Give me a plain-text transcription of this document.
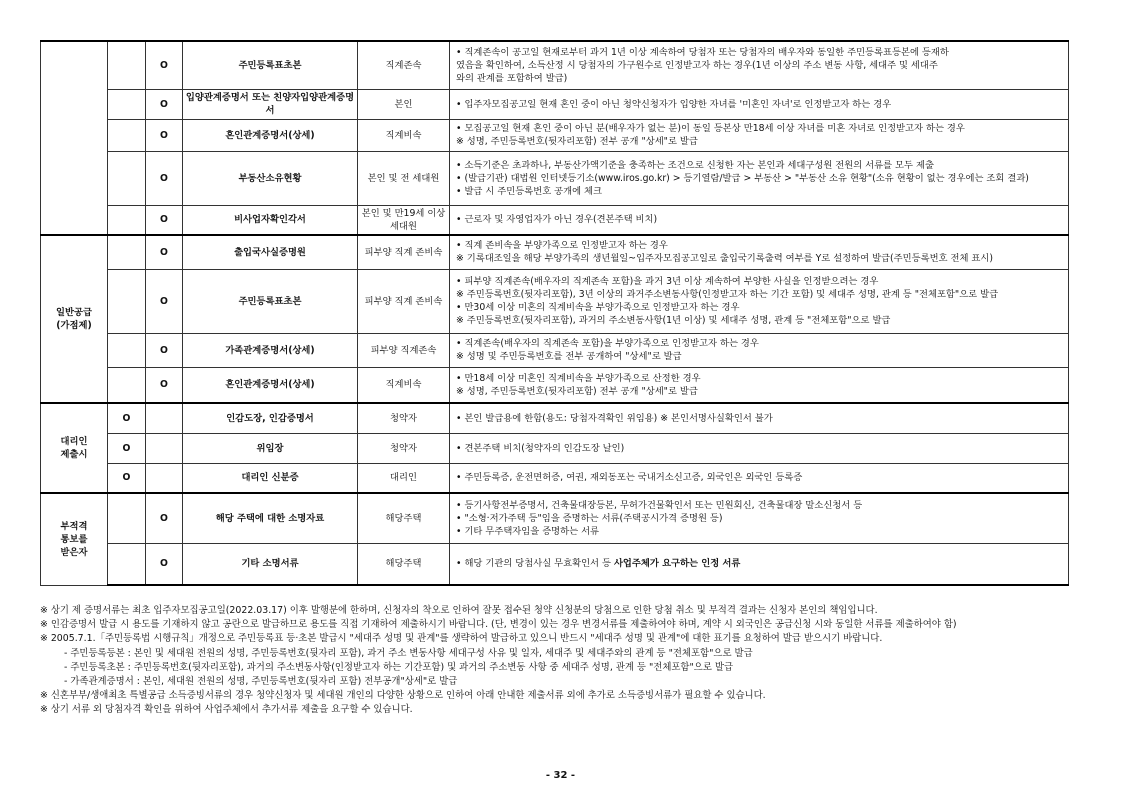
		O	주민등록표초본	직계존속	• 직계존속이 공고일 현재로부터 과거 1년 이상 계속하여 당첨자 또는 당첨자의 배우자와 동일한 주민등록표등본에 등재하
였음을 확인하여, 소득산정 시 당첨자의 가구원수로 인정받고자 하는 경우(1년 이상의 주소 변동 사항, 세대주 및 세대주
와의 관계를 포함하여 발급)

		O	입양관계증명서 또는 친양자입양관계증명서	본인	• 입주자모집공고일 현재 혼인 중이 아닌 청약신청자가 입양한 자녀를 '미혼인 자녀'로 인정받고자 하는 경우

		O	혼인관계증명서(상세)	직계비속	• 모집공고일 현재 혼인 중이 아닌 분(배우자가 없는 분)이 동일 등본상 만18세 이상 자녀를 미혼 자녀로 인정받고자 하는 경우
※ 성명, 주민등록번호(뒷자리포함) 전부 공개 "상세"로 발급

		O	부동산소유현황	본인 및 전 세대원	• 소득기준은 초과하나, 부동산가액기준을 충족하는 조건으로 신청한 자는 본인과 세대구성원 전원의 서류를 모두 제출
• (발급기관) 대법원 인터넷등기소(www.iros.go.kr) > 등기열람/발급 > 부동산 > "부동산 소유 현황"(소유 현황이 없는 경우에는 조회 결과)
• 발급 시 주민등록번호 공개에 체크

		O	비사업자확인각서	본인 및 만19세 이상 세대원	• 근로자 및 자영업자가 아닌 경우(견본주택 비치)

일반공급
(가점제)		O	출입국사실증명원	피부양 직계 존비속	• 직계 존비속을 부양가족으로 인정받고자 하는 경우
※ 기록대조일을 해당 부양가족의 생년월일~입주자모집공고일로 출입국기록출력 여부를 Y로 설정하여 발급(주민등록번호 전체 표시)

		O	주민등록표초본	피부양 직계 존비속	• 피부양 직계존속(배우자의 직계존속 포함)을 과거 3년 이상 계속하여 부양한 사실을 인정받으려는 경우
※ 주민등록번호(뒷자리포함), 3년 이상의 과거주소변동사항(인정받고자 하는 기간 포함) 및 세대주 성명, 관계 등 "전체포함"으로 발급
• 만30세 이상 미혼의 직계비속을 부양가족으로 인정받고자 하는 경우
※ 주민등록번호(뒷자리포함), 과거의 주소변동사항(1년 이상) 및 세대주 성명, 관계 등 "전체포함"으로 발급

		O	가족관계증명서(상세)	피부양 직계존속	• 직계존속(배우자의 직계존속 포함)을 부양가족으로 인정받고자 하는 경우
※ 성명 및 주민등록번호를 전부 공개하여 "상세"로 발급

		O	혼인관계증명서(상세)	직계비속	• 만18세 이상 미혼인 직계비속을 부양가족으로 산정한 경우
※ 성명, 주민등록번호(뒷자리포함) 전부 공개 "상세"로 발급

대리인
제출시	O		인감도장, 인감증명서	청약자	• 본인 발급용에 한함(용도: 당첨자격확인 위임용) ※ 본인서명사실확인서 불가

	O		위임장	청약자	• 견본주택 비치(청약자의 인감도장 날인)

	O		대리인 신분증	대리인	• 주민등록증, 운전면허증, 여권, 재외동포는 국내거소신고증, 외국인은 외국인 등록증

부적격
통보를
받은자		O	해당 주택에 대한 소명자료	해당주택	• 등기사항전부증명서, 건축물대장등본, 무허가건물확인서 또는 민원회신, 건축물대장 말소신청서 등
• "소형·저가주택 등"임을 증명하는 서류(주택공시가격 증명원 등)
• 기타 무주택자임을 증명하는 서류

		O	기타 소명서류	해당주택	• 해당 기관의 당첨사실 무효확인서 등 사업주체가 요구하는 인정 서류
※ 상기 제 증명서류는 최초 입주자모집공고일(2022.03.17) 이후 발행분에 한하며, 신청자의 착오로 인하여 잘못 접수된 청약 신청분의 당첨으로 인한 당첨 취소 및 부적격 결과는 신청자 본인의 책임입니다.
※ 인감증명서 발급 시 용도를 기재하지 않고 공란으로 발급하므로 용도를 직접 기재하여 제출하시기 바랍니다. (단, 변경이 있는 경우 변경서류를 제출하여야 하며, 계약 시 외국인은 공급신청 시와 동일한 서류를 제출하여야 함)
※ 2005.7.1.「주민등록법 시행규칙」개정으로 주민등록표 등·초본 발급시 "세대주 성명 및 관계"를 생략하여 발급하고 있으니 반드시 "세대주 성명 및 관계"에 대한 표기를 요청하여 발급 받으시기 바랍니다.
- 주민등록등본 : 본인 및 세대원 전원의 성명, 주민등록번호(뒷자리 포함), 과거 주소 변동사항 세대구성 사유 및 일자, 세대주 및 세대주와의 관계 등 "전체포함"으로 발급
- 주민등록초본 : 주민등록번호(뒷자리포함), 과거의 주소변동사항(인정받고자 하는 기간포함) 및 과거의 주소변동 사항 중 세대주 성명, 관계 등 "전체포함"으로 발급
- 가족관계증명서 : 본인, 세대원 전원의 성명, 주민등록번호(뒷자리 포함) 전부공개"상세"로 발급
※ 신혼부부/생애최초 특별공급 소득증빙서류의 경우 청약신청자 및 세대원 개인의 다양한 상황으로 인하여 아래 안내한 제출서류 외에 추가로 소득증빙서류가 필요할 수 있습니다.
※ 상기 서류 외 당첨자격 확인을 위하여 사업주체에서 추가서류 제출을 요구할 수 있습니다.
- 32 -
